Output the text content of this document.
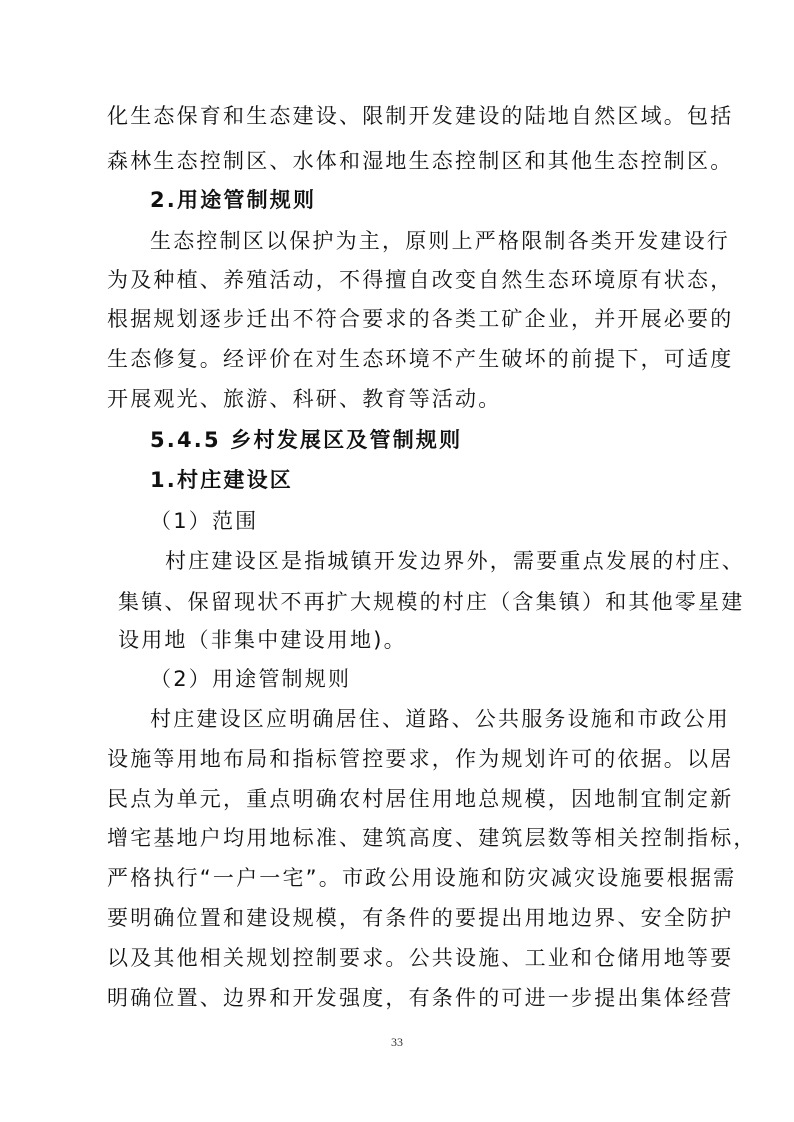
化生态保育和生态建设、限制开发建设的陆地自然区域。包括
森林生态控制区、水体和湿地生态控制区和其他生态控制区。
2.用途管制规则
生态控制区以保护为主，原则上严格限制各类开发建设行
为及种植、养殖活动，不得擅自改变自然生态环境原有状态，
根据规划逐步迁出不符合要求的各类工矿企业，并开展必要的
生态修复。经评价在对生态环境不产生破坏的前提下，可适度
开展观光、旅游、科研、教育等活动。
5.4.5 乡村发展区及管制规则
1.村庄建设区
（1）范围
村庄建设区是指城镇开发边界外，需要重点发展的村庄、
集镇、保留现状不再扩大规模的村庄（含集镇）和其他零星建
设用地（非集中建设用地)。
（2）用途管制规则
村庄建设区应明确居住、道路、公共服务设施和市政公用
设施等用地布局和指标管控要求，作为规划许可的依据。以居
民点为单元，重点明确农村居住用地总规模，因地制宜制定新
增宅基地户均用地标准、建筑高度、建筑层数等相关控制指标，
严格执行“一户一宅”。市政公用设施和防灾减灾设施要根据需
要明确位置和建设规模，有条件的要提出用地边界、安全防护
以及其他相关规划控制要求。公共设施、工业和仓储用地等要
明确位置、边界和开发强度，有条件的可进一步提出集体经营
33
